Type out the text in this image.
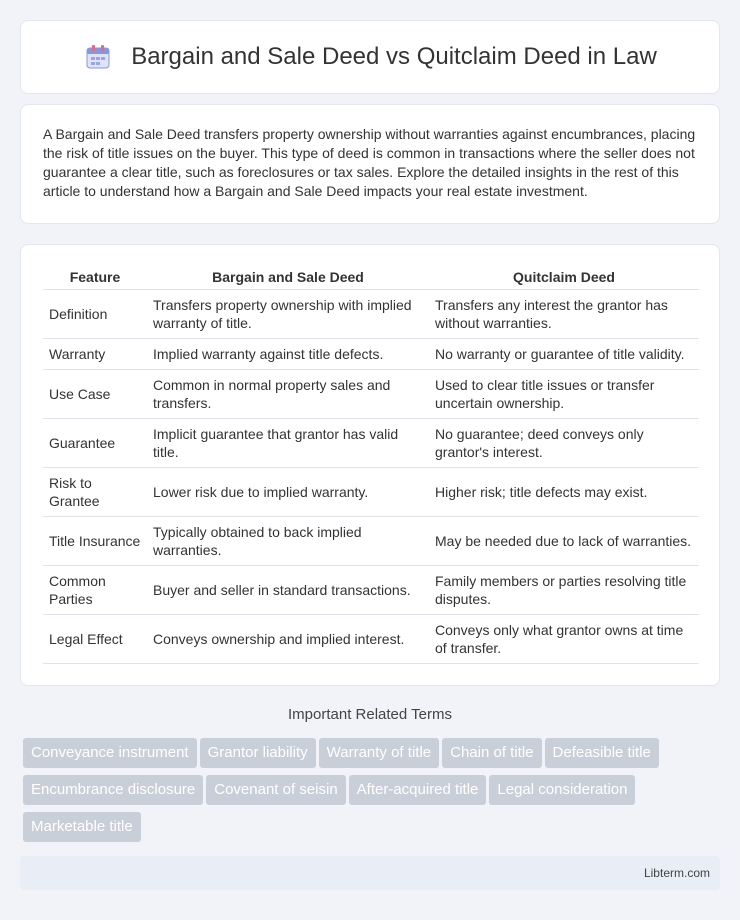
Bargain and Sale Deed vs Quitclaim Deed in Law

A Bargain and Sale Deed transfers property ownership without warranties against encumbrances, placing the risk of title issues on the buyer. This type of deed is common in transactions where the seller does not guarantee a clear title, such as foreclosures or tax sales. Explore the detailed insights in the rest of this article to understand how a Bargain and Sale Deed impacts your real estate investment.

Feature	Bargain and Sale Deed	Quitclaim Deed
Definition	Transfers property ownership with implied warranty of title.	Transfers any interest the grantor has without warranties.
Warranty	Implied warranty against title defects.	No warranty or guarantee of title validity.
Use Case	Common in normal property sales and transfers.	Used to clear title issues or transfer uncertain ownership.
Guarantee	Implicit guarantee that grantor has valid title.	No guarantee; deed conveys only grantor's interest.
Risk to Grantee	Lower risk due to implied warranty.	Higher risk; title defects may exist.
Title Insurance	Typically obtained to back implied warranties.	May be needed due to lack of warranties.
Common Parties	Buyer and seller in standard transactions.	Family members or parties resolving title disputes.
Legal Effect	Conveys ownership and implied interest.	Conveys only what grantor owns at time of transfer.
Important Related Terms
Conveyance instrument Grantor liability Warranty of title Chain of title Defeasible title
Encumbrance disclosure Covenant of seisin After-acquired title Legal consideration
Marketable title
Libterm.com
